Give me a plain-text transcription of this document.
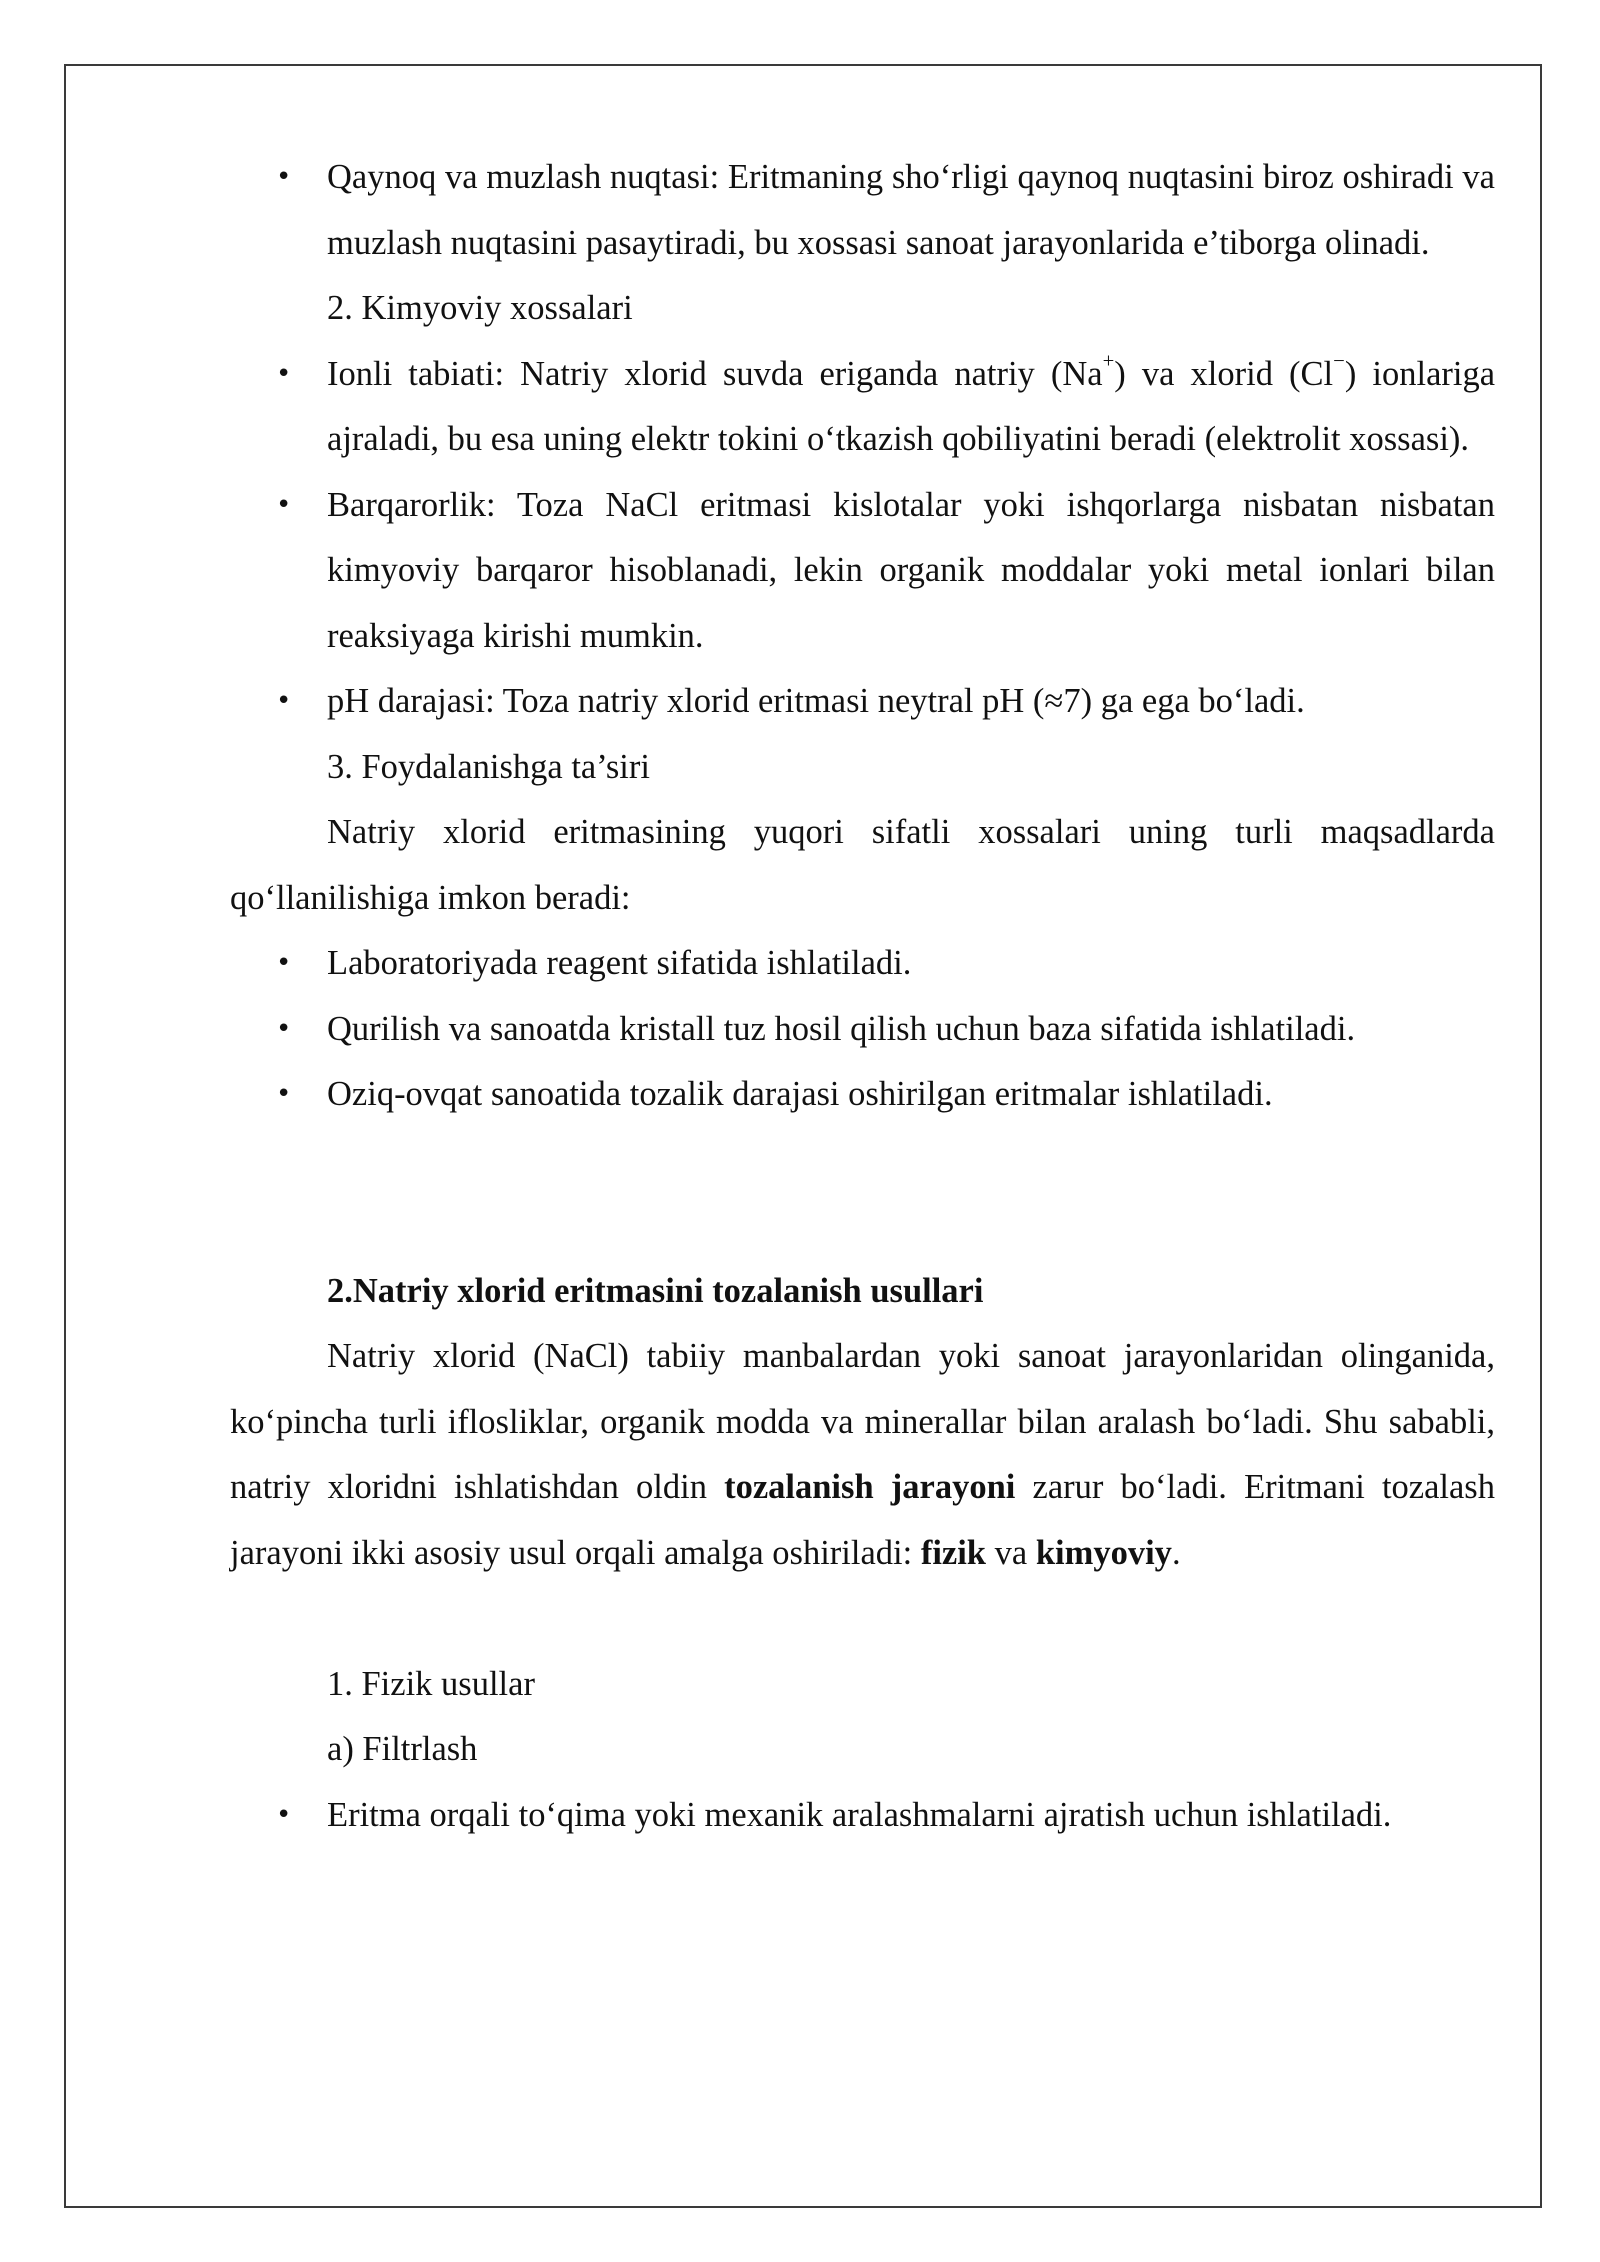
• Qaynoq va muzlash nuqtasi: Eritmaning sho‘rligi qaynoq nuqtasini biroz oshiradi va muzlash nuqtasini pasaytiradi, bu xossasi sanoat jarayonlarida e’tiborga olinadi.

2. Kimyoviy xossalari

• Ionli tabiati: Natriy xlorid suvda eriganda natriy (Na+) va xlorid (Cl−) ionlariga ajraladi, bu esa uning elektr tokini o‘tkazish qobiliyatini beradi (elektrolit xossasi).

• Barqarorlik: Toza NaCl eritmasi kislotalar yoki ishqorlarga nisbatan nisbatan kimyoviy barqaror hisoblanadi, lekin organik moddalar yoki metal ionlari bilan reaksiyaga kirishi mumkin.

• pH darajasi: Toza natriy xlorid eritmasi neytral pH (≈7) ga ega bo‘ladi.

3. Foydalanishga ta’siri

Natriy xlorid eritmasining yuqori sifatli xossalari uning turli maqsadlarda qo‘llanilishiga imkon beradi:

• Laboratoriyada reagent sifatida ishlatiladi.

• Qurilish va sanoatda kristall tuz hosil qilish uchun baza sifatida ishlatiladi.

• Oziq-ovqat sanoatida tozalik darajasi oshirilgan eritmalar ishlatiladi.

2.Natriy xlorid eritmasini tozalanish usullari

Natriy xlorid (NaCl) tabiiy manbalardan yoki sanoat jarayonlaridan olinganida, ko‘pincha turli iflosliklar, organik modda va minerallar bilan aralash bo‘ladi. Shu sababli, natriy xloridni ishlatishdan oldin tozalanish jarayoni zarur bo‘ladi. Eritmani tozalash jarayoni ikki asosiy usul orqali amalga oshiriladi: fizik va kimyoviy.

1. Fizik usullar

a) Filtrlash

• Eritma orqali to‘qima yoki mexanik aralashmalarni ajratish uchun ishlatiladi.
